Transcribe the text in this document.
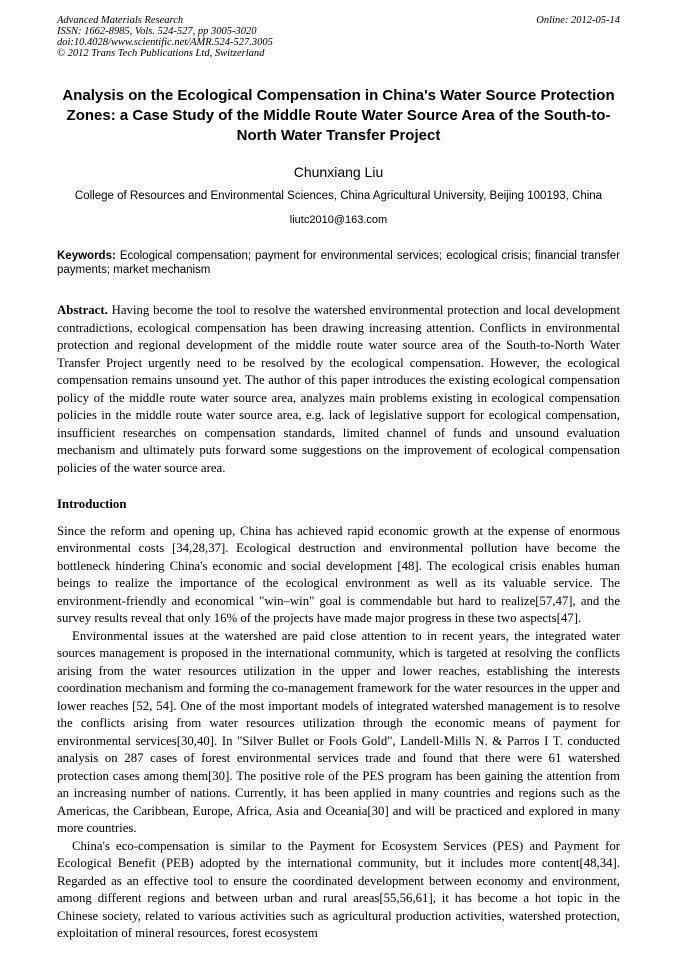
Advanced Materials Research	Online: 2012-05-14
ISSN: 1662-8985, Vols. 524-527, pp 3005-3020
doi:10.4028/www.scientific.net/AMR.524-527.3005
© 2012 Trans Tech Publications Ltd, Switzerland
Analysis on the Ecological Compensation in China's Water Source Protection Zones: a Case Study of the Middle Route Water Source Area of the South-to-North Water Transfer Project
Chunxiang Liu
College of Resources and Environmental Sciences, China Agricultural University, Beijing 100193, China
liutc2010@163.com

Keywords: Ecological compensation; payment for environmental services; ecological crisis; financial transfer payments; market mechanism

Abstract. Having become the tool to resolve the watershed environmental protection and local development contradictions, ecological compensation has been drawing increasing attention. Conflicts in environmental protection and regional development of the middle route water source area of the South-to-North Water Transfer Project urgently need to be resolved by the ecological compensation. However, the ecological compensation remains unsound yet. The author of this paper introduces the existing ecological compensation policy of the middle route water source area, analyzes main problems existing in ecological compensation policies in the middle route water source area, e.g. lack of legislative support for ecological compensation, insufficient researches on compensation standards, limited channel of funds and unsound evaluation mechanism and ultimately puts forward some suggestions on the improvement of ecological compensation policies of the water source area.

Introduction

Since the reform and opening up, China has achieved rapid economic growth at the expense of enormous environmental costs [34,28,37]. Ecological destruction and environmental pollution have become the bottleneck hindering China's economic and social development [48]. The ecological crisis enables human beings to realize the importance of the ecological environment as well as its valuable service. The environment-friendly and economical "win–win" goal is commendable but hard to realize[57,47], and the survey results reveal that only 16% of the projects have made major progress in these two aspects[47].

Environmental issues at the watershed are paid close attention to in recent years, the integrated water sources management is proposed in the international community, which is targeted at resolving the conflicts arising from the water resources utilization in the upper and lower reaches, establishing the interests coordination mechanism and forming the co-management framework for the water resources in the upper and lower reaches [52, 54]. One of the most important models of integrated watershed management is to resolve the conflicts arising from water resources utilization through the economic means of payment for environmental services[30,40]. In "Silver Bullet or Fools Gold", Landell-Mills N. & Parros I T. conducted analysis on 287 cases of forest environmental services trade and found that there were 61 watershed protection cases among them[30]. The positive role of the PES program has been gaining the attention from an increasing number of nations. Currently, it has been applied in many countries and regions such as the Americas, the Caribbean, Europe, Africa, Asia and Oceania[30] and will be practiced and explored in many more countries.

China's eco-compensation is similar to the Payment for Ecosystem Services (PES) and Payment for Ecological Benefit (PEB) adopted by the international community, but it includes more content[48,34]. Regarded as an effective tool to ensure the coordinated development between economy and environment, among different regions and between urban and rural areas[55,56,61], it has become a hot topic in the Chinese society, related to various activities such as agricultural production activities, watershed protection, exploitation of mineral resources, forest ecosystem
